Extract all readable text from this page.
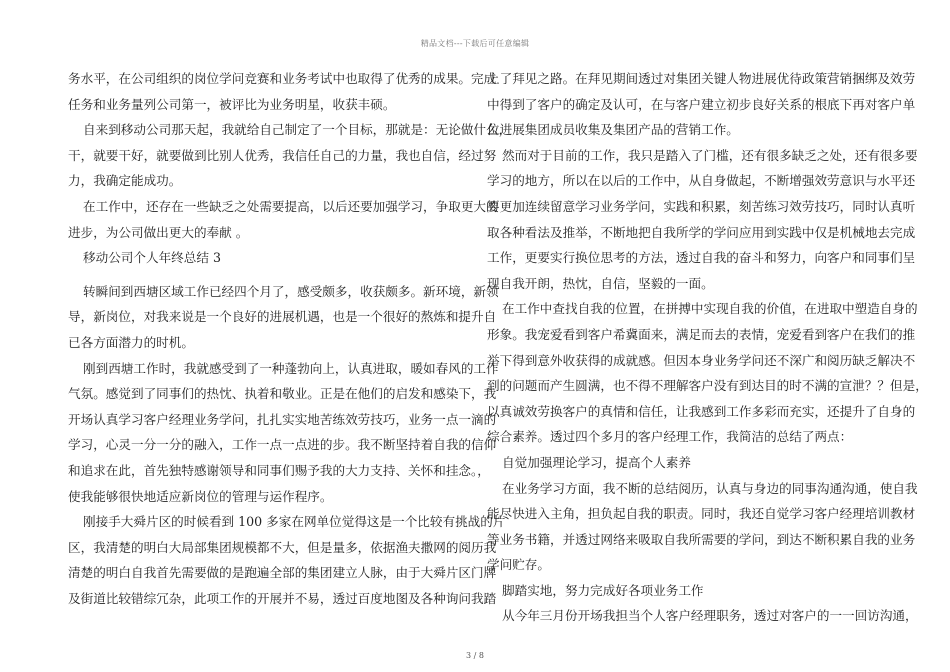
精品文档---下载后可任意编辑
务水平，在公司组织的岗位学问竞赛和业务考试中也取得了优秀的成果。完成
任务和业务量列公司第一，被评比为业务明星，收获丰硕。
自来到移动公司那天起，我就给自己制定了一个目标，那就是：无论做什么，
干，就要干好，就要做到比别人优秀，我信任自己的力量，我也自信，经过努
力，我确定能成功。
在工作中，还存在一些缺乏之处需要提高，以后还要加强学习，争取更大的
进步，为公司做出更大的奉献 。
移动公司个人年终总结 3
转瞬间到西塘区域工作已经四个月了，感受颇多，收获颇多。新环境，新领
导，新岗位，对我来说是一个良好的进展机遇，也是一个很好的熬炼和提升自
已各方面潜力的时机。
刚到西塘工作时，我就感受到了一种蓬勃向上，认真进取，暖如春风的工作
气氛。感觉到了同事们的热忱、执着和敬业。正是在他们的启发和感染下，我
开场认真学习客户经理业务学问，扎扎实实地苦练效劳技巧，业务一点一滴的
学习，心灵一分一分的融入，工作一点一点进的步。我不断坚持着自我的信仰
和追求在此，首先独特感谢领导和同事们赐予我的大力支持、关怀和挂念。，
使我能够很快地适应新岗位的管理与运作程序。
刚接手大舜片区的时候看到 100 多家在网单位觉得这是一个比较有挑战的片
区，我清楚的明白大局部集团规模都不大，但是量多，依据渔夫撒网的阅历我
清楚的明白自我首先需要做的是跑遍全部的集团建立人脉，由于大舜片区门牌
及街道比较错综冗杂，此项工作的开展并不易，透过百度地图及各种询问我踏
上了拜见之路。在拜见期间透过对集团关键人物进展优待政策营销捆绑及效劳
中得到了客户的确定及认可，在与客户建立初步良好关系的根底下再对客户单
位进展集团成员收集及集团产品的营销工作。
然而对于目前的工作，我只是踏入了门槛，还有很多缺乏之处，还有很多要
学习的地方，所以在以后的工作中，从自身做起，不断增强效劳意识与水平还
要更加连续留意学习业务学问，实践和积累，刻苦练习效劳技巧，同时认真听
取各种看法及推举，不断地把自我所学的学问应用到实践中仅是机械地去完成
工作，更要实行换位思考的方法，透过自我的奋斗和努力，向客户和同事们呈
现自我开朗，热忱，自信，坚毅的一面。
在工作中查找自我的位置，在拼搏中实现自我的价值，在进取中塑造自身的
形象。我宠爱看到客户希冀面来，满足而去的表情，宠爱看到客户在我们的推
举下得到意外收获得的成就感。但因本身业务学问还不深广和阅历缺乏解决不
到的问题而产生圆满，也不得不理解客户没有到达目的时不满的宣泄？？但是，
以真诚效劳换客户的真情和信任，让我感到工作多彩而充实，还提升了自身的
综合素养。透过四个多月的客户经理工作，我简洁的总结了两点：
自觉加强理论学习，提高个人素养
在业务学习方面，我不断的总结阅历，认真与身边的同事沟通沟通，使自我
能尽快进入主角，担负起自我的职责。同时，我还自觉学习客户经理培训教材
等业务书籍，并透过网络来吸取自我所需要的学问，到达不断积累自我的业务
学问贮存。
脚踏实地，努力完成好各项业务工作
从今年三月份开场我担当个人客户经理职务，透过对客户的一一回访沟通，
3 / 8
